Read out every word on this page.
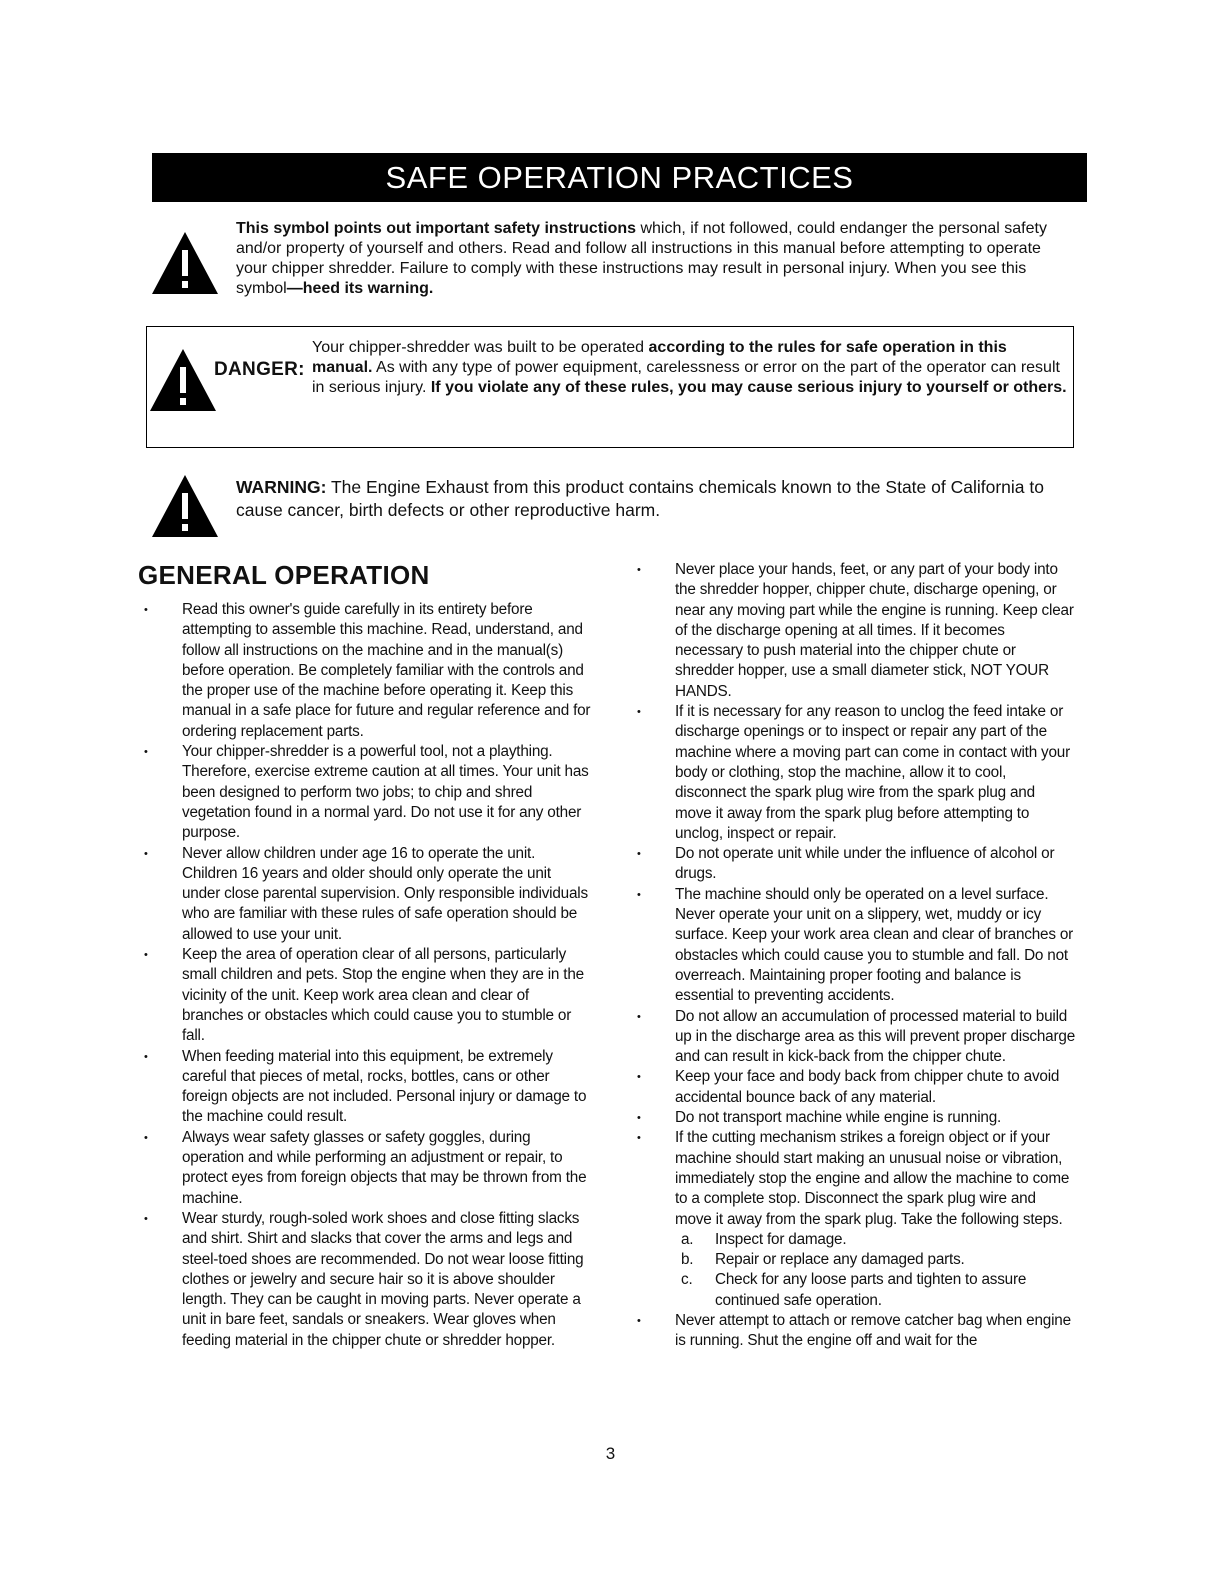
SAFE OPERATION PRACTICES
This symbol points out important safety instructions which, if not followed, could endanger the personal safety and/or property of yourself and others. Read and follow all instructions in this manual before attempting to operate your chipper shredder. Failure to comply with these instructions may result in personal injury. When you see this symbol—heed its warning.
DANGER:
Your chipper-shredder was built to be operated according to the rules for safe operation in this manual. As with any type of power equipment, carelessness or error on the part of the operator can result in serious injury. If you violate any of these rules, you may cause serious injury to yourself or others.
WARNING: The Engine Exhaust from this product contains chemicals known to the State of California to cause cancer, birth defects or other reproductive harm.
GENERAL OPERATION

• Read this owner's guide carefully in its entirety before attempting to assemble this machine. Read, understand, and follow all instructions on the machine and in the manual(s) before operation. Be completely familiar with the controls and the proper use of the machine before operating it. Keep this manual in a safe place for future and regular reference and for ordering replacement parts.

• Your chipper-shredder is a powerful tool, not a plaything. Therefore, exercise extreme caution at all times. Your unit has been designed to perform two jobs; to chip and shred vegetation found in a normal yard. Do not use it for any other purpose.

• Never allow children under age 16 to operate the unit. Children 16 years and older should only operate the unit under close parental supervision. Only responsible individuals who are familiar with these rules of safe operation should be allowed to use your unit.

• Keep the area of operation clear of all persons, particularly small children and pets. Stop the engine when they are in the vicinity of the unit. Keep work area clean and clear of branches or obstacles which could cause you to stumble or fall.

• When feeding material into this equipment, be extremely careful that pieces of metal, rocks, bottles, cans or other foreign objects are not included. Personal injury or damage to the machine could result.

• Always wear safety glasses or safety goggles, during operation and while performing an adjustment or repair, to protect eyes from foreign objects that may be thrown from the machine.

• Wear sturdy, rough-soled work shoes and close fitting slacks and shirt. Shirt and slacks that cover the arms and legs and steel-toed shoes are recommended. Do not wear loose fitting clothes or jewelry and secure hair so it is above shoulder length. They can be caught in moving parts. Never operate a unit in bare feet, sandals or sneakers. Wear gloves when feeding material in the chipper chute or shredder hopper.

• Never place your hands, feet, or any part of your body into the shredder hopper, chipper chute, discharge opening, or near any moving part while the engine is running. Keep clear of the discharge opening at all times. If it becomes necessary to push material into the chipper chute or shredder hopper, use a small diameter stick, NOT YOUR HANDS.

• If it is necessary for any reason to unclog the feed intake or discharge openings or to inspect or repair any part of the machine where a moving part can come in contact with your body or clothing, stop the machine, allow it to cool, disconnect the spark plug wire from the spark plug and move it away from the spark plug before attempting to unclog, inspect or repair.

• Do not operate unit while under the influence of alcohol or drugs.

• The machine should only be operated on a level surface. Never operate your unit on a slippery, wet, muddy or icy surface. Keep your work area clean and clear of branches or obstacles which could cause you to stumble and fall. Do not overreach. Maintaining proper footing and balance is essential to preventing accidents.

• Do not allow an accumulation of processed material to build up in the discharge area as this will prevent proper discharge and can result in kick-back from the chipper chute.

• Keep your face and body back from chipper chute to avoid accidental bounce back of any material.

• Do not transport machine while engine is running.

• If the cutting mechanism strikes a foreign object or if your machine should start making an unusual noise or vibration, immediately stop the engine and allow the machine to come to a complete stop. Disconnect the spark plug wire and move it away from the spark plug. Take the following steps.

a. Inspect for damage.

b. Repair or replace any damaged parts.

c. Check for any loose parts and tighten to assure continued safe operation.

• Never attempt to attach or remove catcher bag when engine is running. Shut the engine off and wait for the

3
